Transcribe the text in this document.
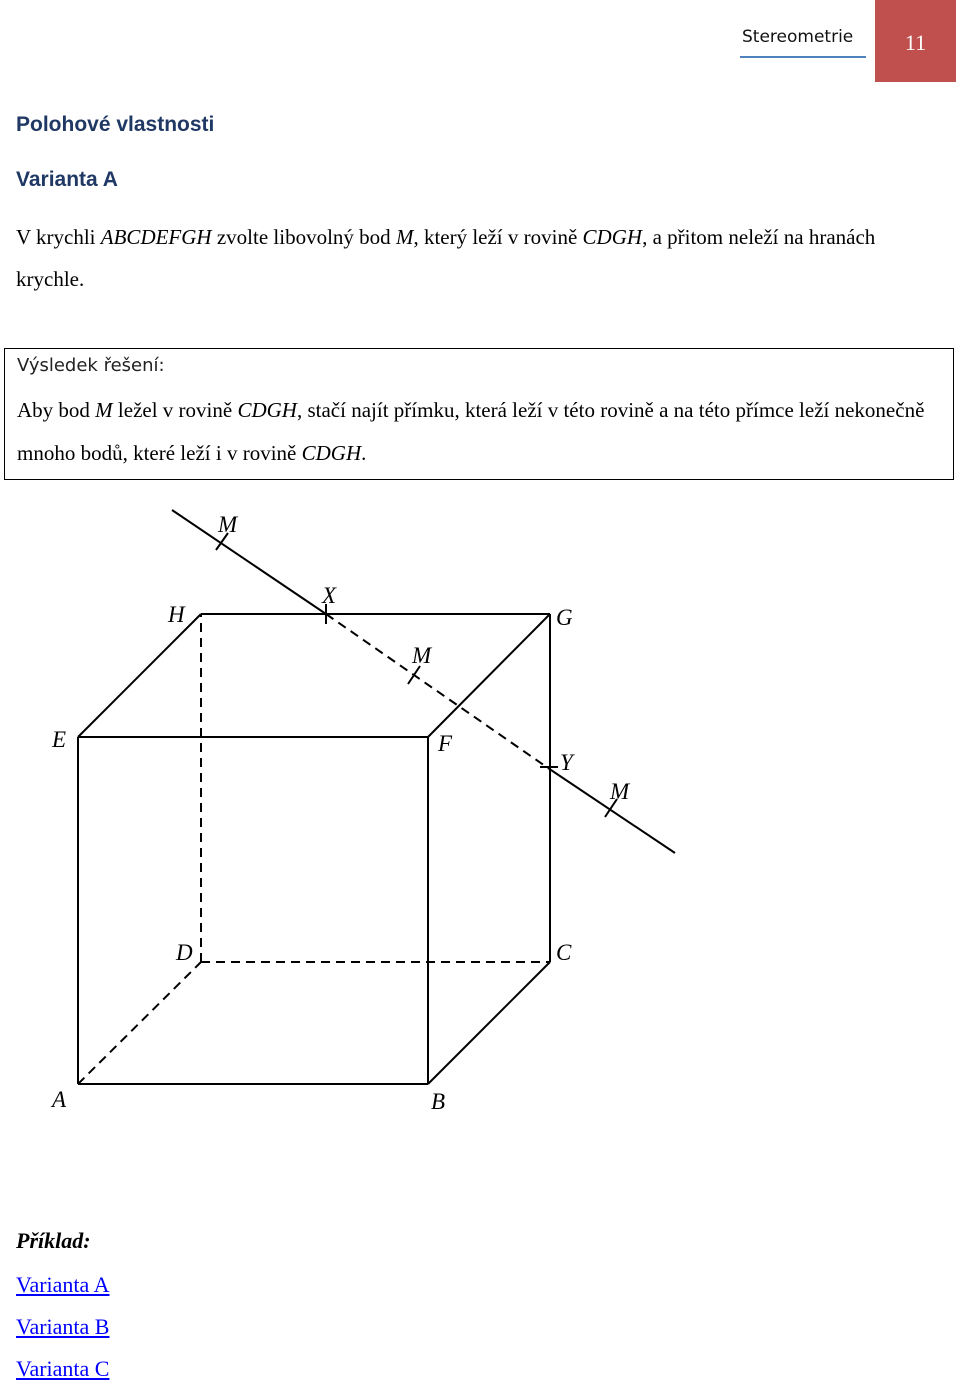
Stereometrie	11
Polohové vlastnosti
Varianta A
V krychli ABCDEFGH zvolte libovolný bod M, který leží v rovině CDGH, a přitom neleží na hranách krychle.
Výsledek řešení:
Aby bod M ležel v rovině CDGH, stačí najít přímku, která leží v této rovině a na této přímce leží nekonečně mnoho bodů, které leží i v rovině CDGH.
M
X
H	G
M
E	F
Y
M
D	C
A	B
Příklad:
Varianta A
Varianta B
Varianta C
